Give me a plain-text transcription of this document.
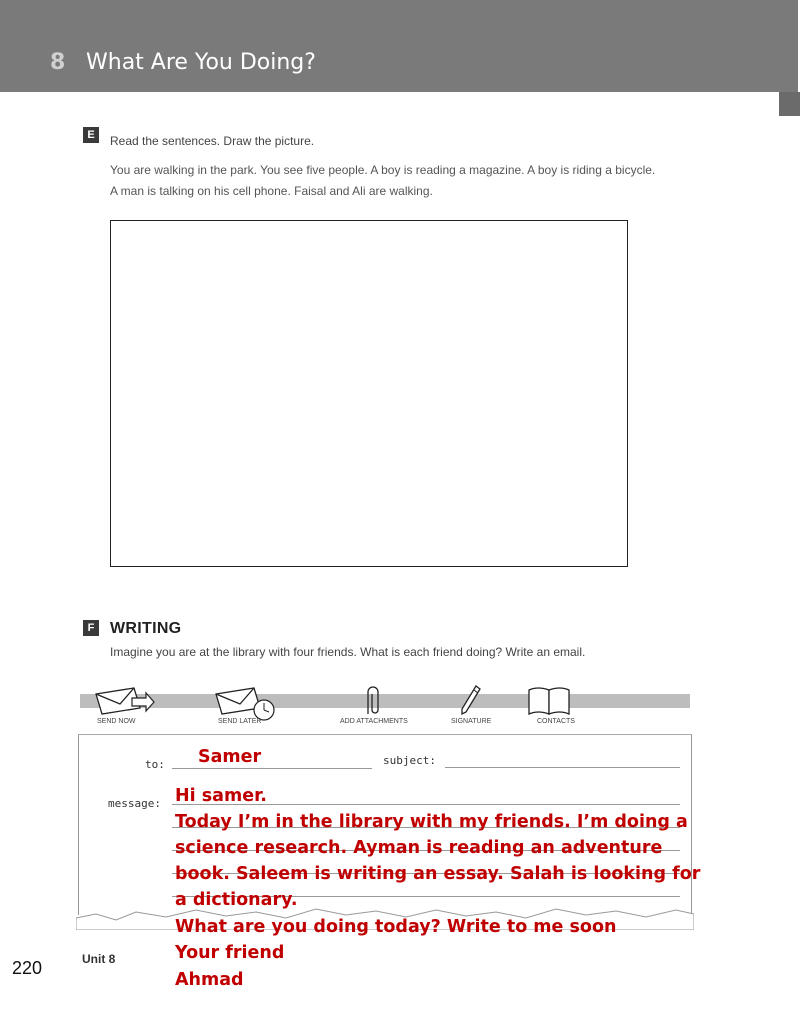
8 What Are You Doing?
E	Read the sentences. Draw the picture.
You are walking in the park. You see five people. A boy is reading a magazine. A boy is riding a bicycle.
A man is talking on his cell phone. Faisal and Ali are walking.
F WRITING
Imagine you are at the library with four friends. What is each friend doing? Write an email.
SEND NOW	SEND LATER	ADD ATTACHMENTS	SIGNATURE	CONTACTS
to:	subject:
message:
Samer
Hi samer.
Today I’m in the library with my friends. I’m doing a
science research. Ayman is reading an adventure
book. Saleem is writing an essay. Salah is looking for
a dictionary.
What are you doing today? Write to me soon
Your friend
Ahmad
220	Unit 8
